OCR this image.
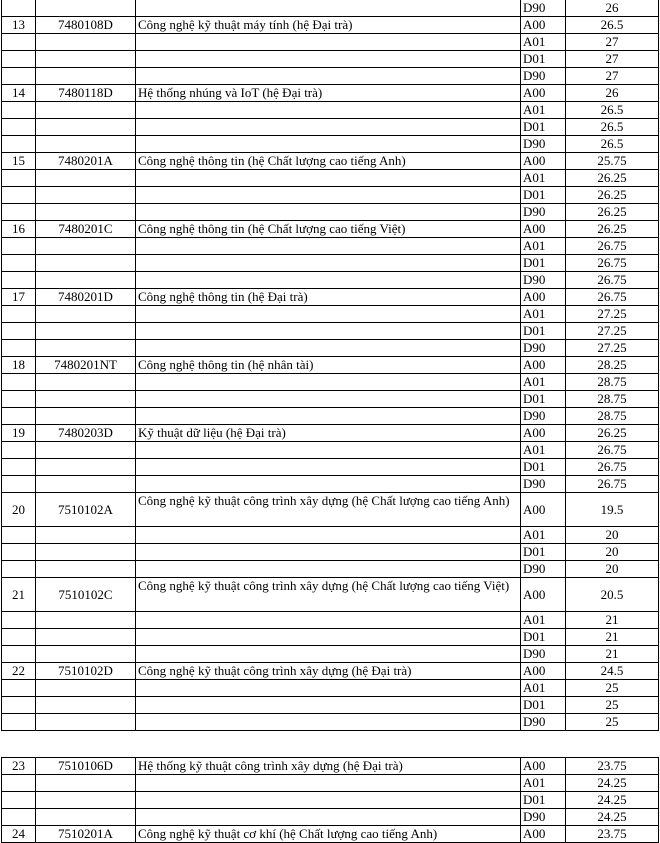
			D90	26
13	7480108D	Công nghệ kỹ thuật máy tính (hệ Đại trà)	A00	26.5
			A01	27
			D01	27
			D90	27
14	7480118D	Hệ thống nhúng và IoT (hệ Đại trà)	A00	26
			A01	26.5
			D01	26.5
			D90	26.5
15	7480201A	Công nghệ thông tin (hệ Chất lượng cao tiếng Anh)	A00	25.75
			A01	26.25
			D01	26.25
			D90	26.25
16	7480201C	Công nghệ thông tin (hệ Chất lượng cao tiếng Việt)	A00	26.25
			A01	26.75
			D01	26.75
			D90	26.75
17	7480201D	Công nghệ thông tin (hệ Đại trà)	A00	26.75
			A01	27.25
			D01	27.25
			D90	27.25
18	7480201NT	Công nghệ thông tin (hệ nhân tài)	A00	28.25
			A01	28.75
			D01	28.75
			D90	28.75
19	7480203D	Kỹ thuật dữ liệu (hệ Đại trà)	A00	26.25
			A01	26.75
			D01	26.75
			D90	26.75
20	7510102A	Công nghệ kỹ thuật công trình xây dựng (hệ Chất lượng cao tiếng Anh)	A00	19.5
			A01	20
			D01	20
			D90	20
21	7510102C	Công nghệ kỹ thuật công trình xây dựng (hệ Chất lượng cao tiếng Việt)	A00	20.5
			A01	21
			D01	21
			D90	21
22	7510102D	Công nghệ kỹ thuật công trình xây dựng (hệ Đại trà)	A00	24.5
			A01	25
			D01	25
			D90	25
23	7510106D	Hệ thống kỹ thuật công trình xây dựng (hệ Đại trà)	A00	23.75
			A01	24.25
			D01	24.25
			D90	24.25
24	7510201A	Công nghệ kỹ thuật cơ khí (hệ Chất lượng cao tiếng Anh)	A00	23.75
